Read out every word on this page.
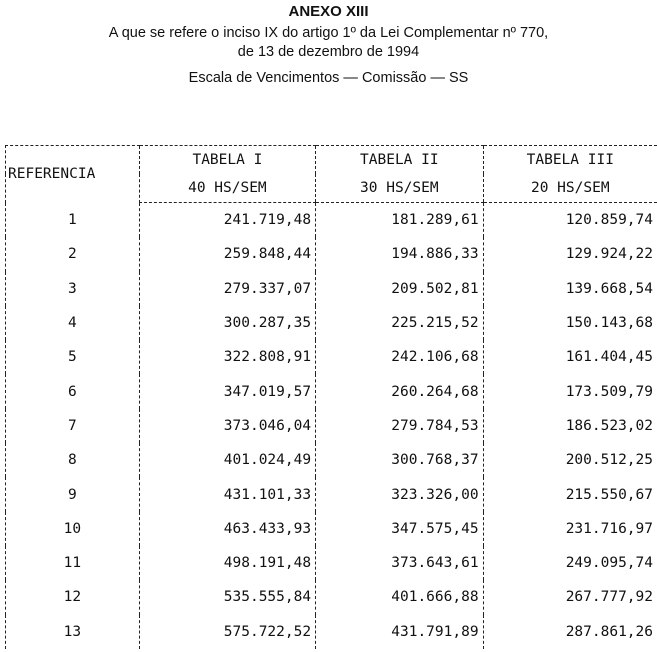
ANEXO XIII
A que se refere o inciso IX do artigo 1º da Lei Complementar nº 770,
de 13 de dezembro de 1994
Escala de Vencimentos — Comissão — SS
REFERENCIA	TABELA I	TABELA II	TABELA III
	40 HS/SEM	30 HS/SEM	20 HS/SEM
1	241.719,48	181.289,61	120.859,74
2	259.848,44	194.886,33	129.924,22
3	279.337,07	209.502,81	139.668,54
4	300.287,35	225.215,52	150.143,68
5	322.808,91	242.106,68	161.404,45
6	347.019,57	260.264,68	173.509,79
7	373.046,04	279.784,53	186.523,02
8	401.024,49	300.768,37	200.512,25
9	431.101,33	323.326,00	215.550,67
10	463.433,93	347.575,45	231.716,97
11	498.191,48	373.643,61	249.095,74
12	535.555,84	401.666,88	267.777,92
13	575.722,52	431.791,89	287.861,26
